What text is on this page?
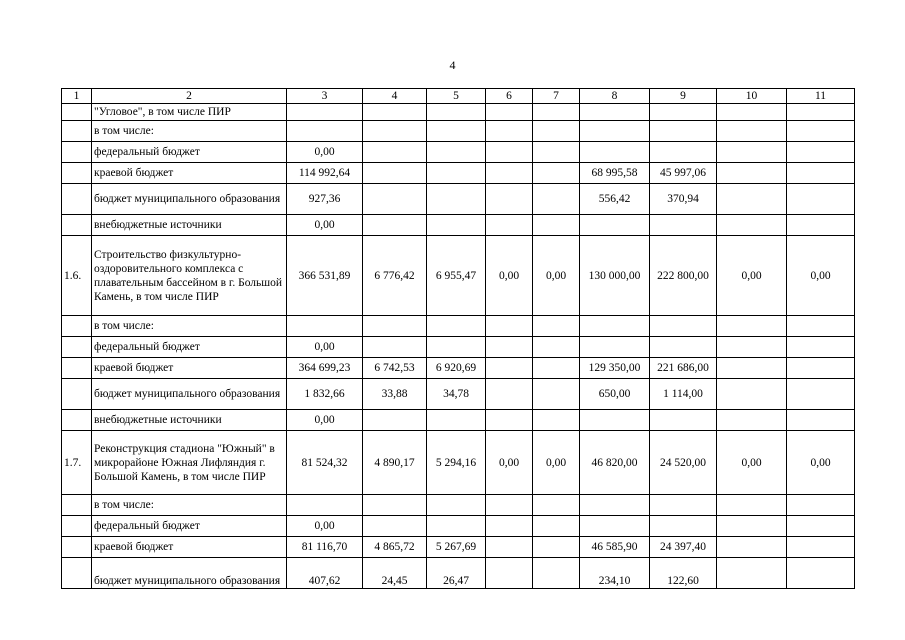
4
1	2	3	4	5	6	7	8	9	10	11
	"Угловое", в том числе ПИР									
	в том числе:									
	федеральный бюджет	0,00								
	краевой бюджет	114 992,64					68 995,58	45 997,06		
	бюджет муниципального образования	927,36					556,42	370,94		
	внебюджетные источники	0,00								
1.6.	Строительство физкультурно-оздоровительного комплекса с плавательным бассейном в г. Большой Камень, в том числе ПИР	366 531,89	6 776,42	6 955,47	0,00	0,00	130 000,00	222 800,00	0,00	0,00
	в том числе:									
	федеральный бюджет	0,00								
	краевой бюджет	364 699,23	6 742,53	6 920,69			129 350,00	221 686,00		
	бюджет муниципального образования	1 832,66	33,88	34,78			650,00	1 114,00		
	внебюджетные источники	0,00								
1.7.	Реконструкция стадиона "Южный" в микрорайоне Южная Лифляндия г. Большой Камень, в том числе ПИР	81 524,32	4 890,17	5 294,16	0,00	0,00	46 820,00	24 520,00	0,00	0,00
	в том числе:									
	федеральный бюджет	0,00								
	краевой бюджет	81 116,70	4 865,72	5 267,69			46 585,90	24 397,40		
	бюджет муниципального образования	407,62	24,45	26,47			234,10	122,60		
